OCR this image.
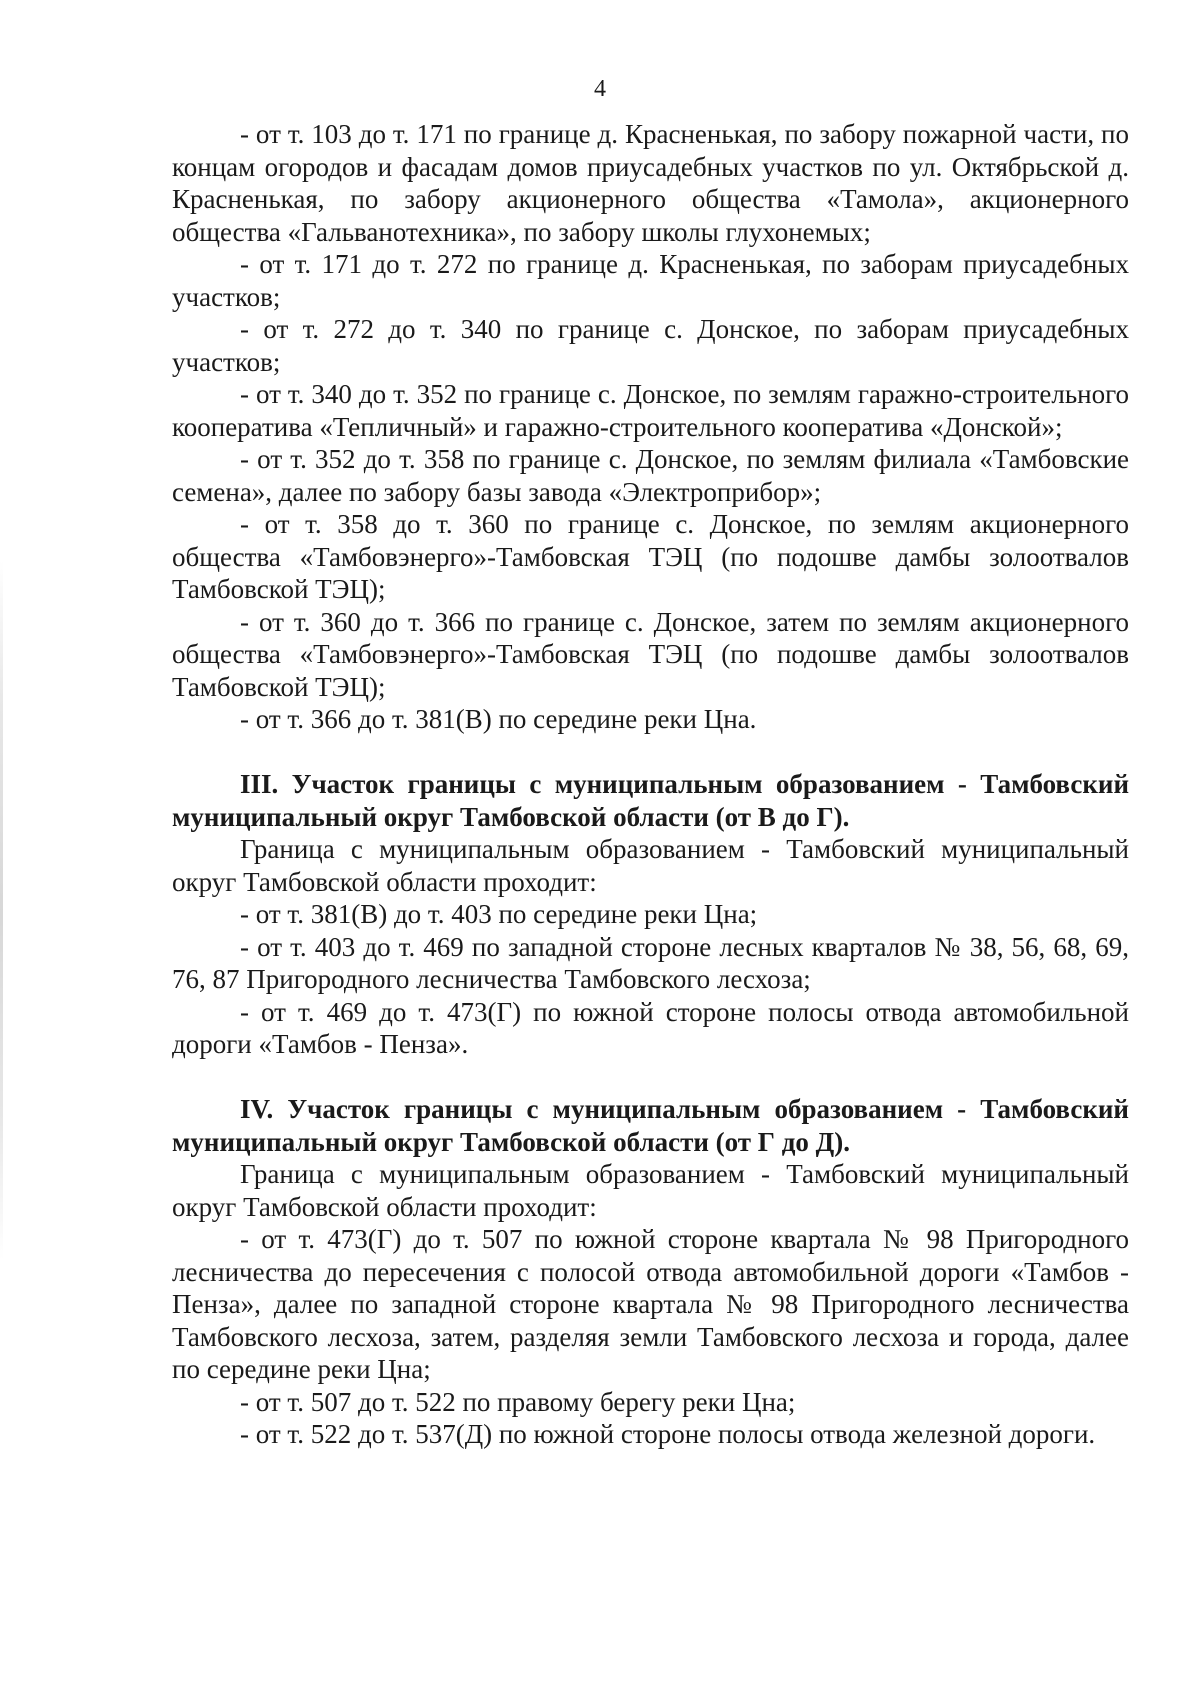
4

- от т. 103 до т. 171 по границе д. Красненькая, по забору пожарной части, по концам огородов и фасадам домов приусадебных участков по ул. Октябрьской д. Красненькая, по забору акционерного общества «Тамола», акционерного общества «Гальванотехника», по забору школы глухонемых;

- от т. 171 до т. 272 по границе д. Красненькая, по заборам приусадебных участков;

- от т. 272 до т. 340 по границе с. Донское, по заборам приусадебных участков;

- от т. 340 до т. 352 по границе с. Донское, по землям гаражно-строительного кооператива «Тепличный» и гаражно-строительного кооператива «Донской»;

- от т. 352 до т. 358 по границе с. Донское, по землям филиала «Тамбовские семена», далее по забору базы завода «Электроприбор»;

- от т. 358 до т. 360 по границе с. Донское, по землям акционерного общества «Тамбовэнерго»-Тамбовская ТЭЦ (по подошве дамбы золоотвалов Тамбовской ТЭЦ);

- от т. 360 до т. 366 по границе с. Донское, затем по землям акционерного общества «Тамбовэнерго»-Тамбовская ТЭЦ (по подошве дамбы золоотвалов Тамбовской ТЭЦ);

- от т. 366 до т. 381(В) по середине реки Цна.

III. Участок границы с муниципальным образованием - Тамбовский муниципальный округ Тамбовской области (от В до Г).

Граница с муниципальным образованием - Тамбовский муниципальный округ Тамбовской области проходит:

- от т. 381(В) до т. 403 по середине реки Цна;

- от т. 403 до т. 469 по западной стороне лесных кварталов № 38, 56, 68, 69, 76, 87 Пригородного лесничества Тамбовского лесхоза;

- от т. 469 до т. 473(Г) по южной стороне полосы отвода автомобильной дороги «Тамбов - Пенза».

IV. Участок границы с муниципальным образованием - Тамбовский муниципальный округ Тамбовской области (от Г до Д).

Граница с муниципальным образованием - Тамбовский муниципальный округ Тамбовской области проходит:

- от т. 473(Г) до т. 507 по южной стороне квартала № 98 Пригородного лесничества до пересечения с полосой отвода автомобильной дороги «Тамбов - Пенза», далее по западной стороне квартала № 98 Пригородного лесничества Тамбовского лесхоза, затем, разделяя земли Тамбовского лесхоза и города, далее по середине реки Цна;

- от т. 507 до т. 522 по правому берегу реки Цна;

- от т. 522 до т. 537(Д) по южной стороне полосы отвода железной дороги.
